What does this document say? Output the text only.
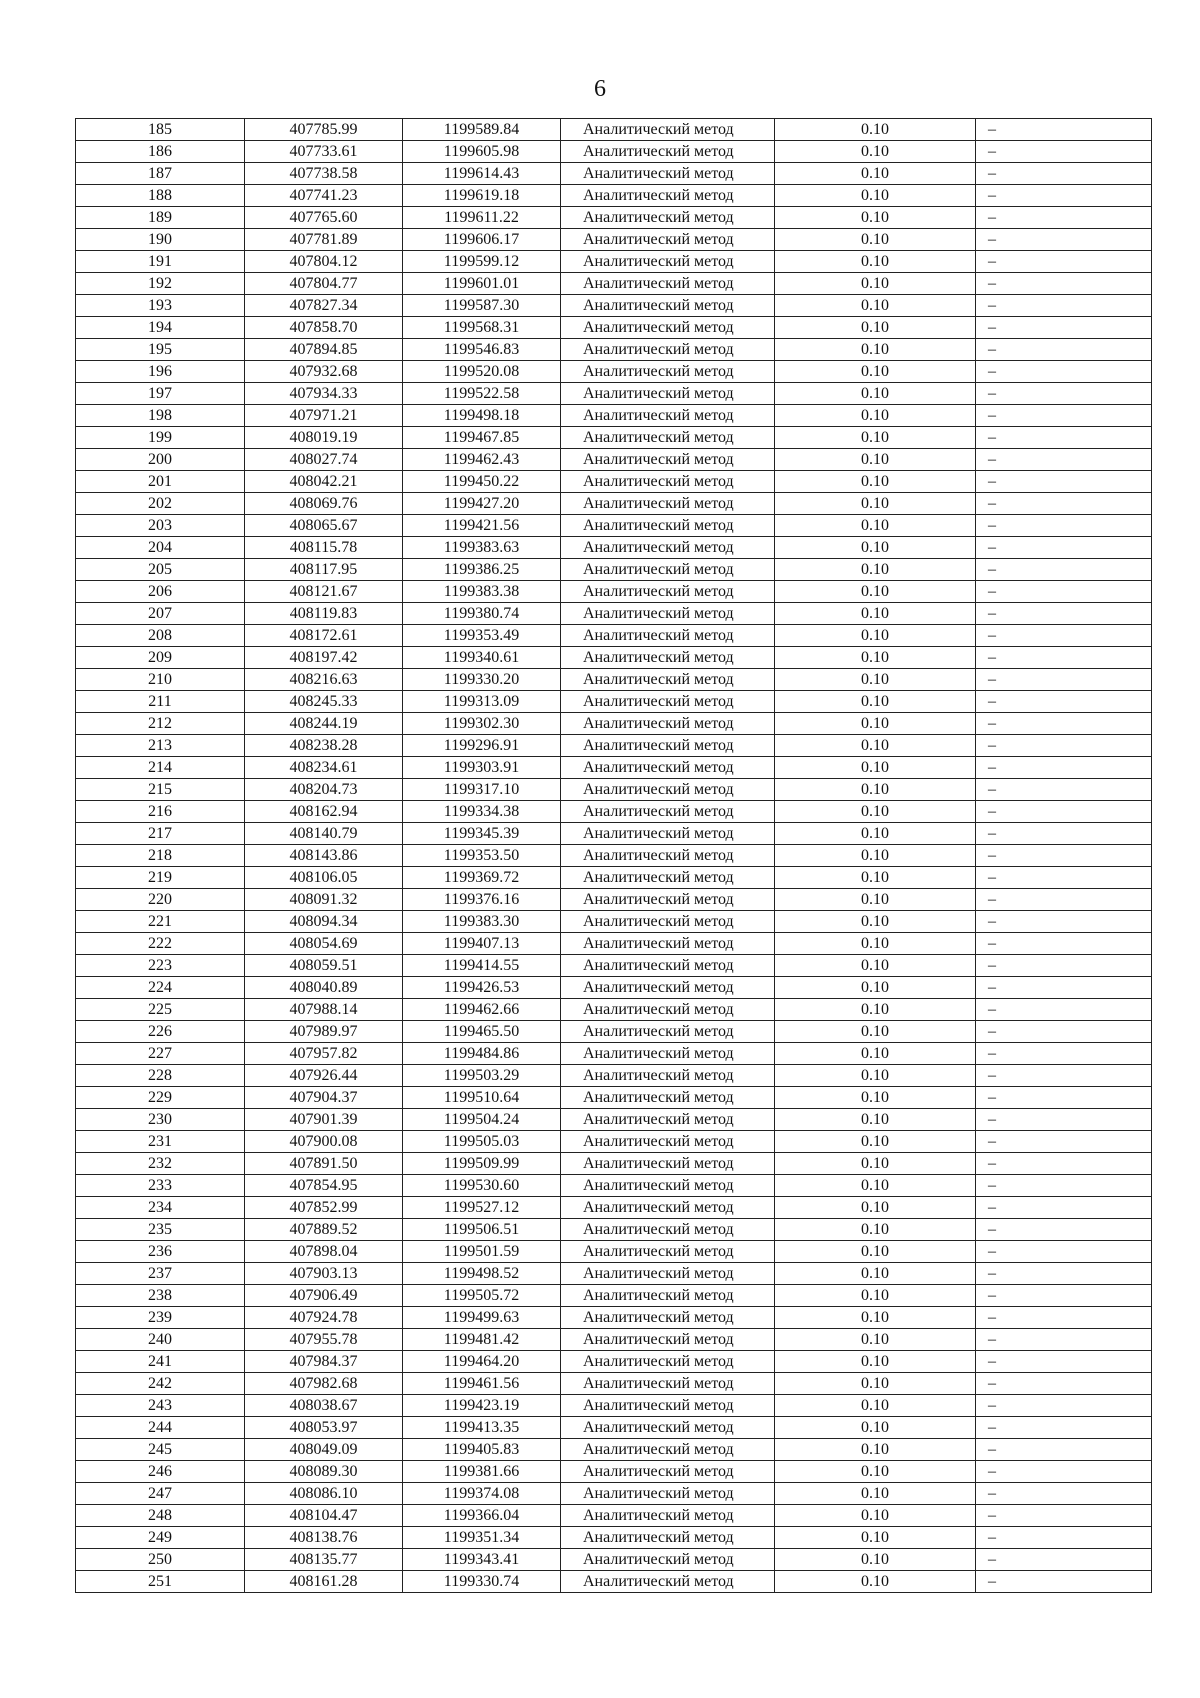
6
185	407785.99	1199589.84	Аналитический метод	0.10	–
186	407733.61	1199605.98	Аналитический метод	0.10	–
187	407738.58	1199614.43	Аналитический метод	0.10	–
188	407741.23	1199619.18	Аналитический метод	0.10	–
189	407765.60	1199611.22	Аналитический метод	0.10	–
190	407781.89	1199606.17	Аналитический метод	0.10	–
191	407804.12	1199599.12	Аналитический метод	0.10	–
192	407804.77	1199601.01	Аналитический метод	0.10	–
193	407827.34	1199587.30	Аналитический метод	0.10	–
194	407858.70	1199568.31	Аналитический метод	0.10	–
195	407894.85	1199546.83	Аналитический метод	0.10	–
196	407932.68	1199520.08	Аналитический метод	0.10	–
197	407934.33	1199522.58	Аналитический метод	0.10	–
198	407971.21	1199498.18	Аналитический метод	0.10	–
199	408019.19	1199467.85	Аналитический метод	0.10	–
200	408027.74	1199462.43	Аналитический метод	0.10	–
201	408042.21	1199450.22	Аналитический метод	0.10	–
202	408069.76	1199427.20	Аналитический метод	0.10	–
203	408065.67	1199421.56	Аналитический метод	0.10	–
204	408115.78	1199383.63	Аналитический метод	0.10	–
205	408117.95	1199386.25	Аналитический метод	0.10	–
206	408121.67	1199383.38	Аналитический метод	0.10	–
207	408119.83	1199380.74	Аналитический метод	0.10	–
208	408172.61	1199353.49	Аналитический метод	0.10	–
209	408197.42	1199340.61	Аналитический метод	0.10	–
210	408216.63	1199330.20	Аналитический метод	0.10	–
211	408245.33	1199313.09	Аналитический метод	0.10	–
212	408244.19	1199302.30	Аналитический метод	0.10	–
213	408238.28	1199296.91	Аналитический метод	0.10	–
214	408234.61	1199303.91	Аналитический метод	0.10	–
215	408204.73	1199317.10	Аналитический метод	0.10	–
216	408162.94	1199334.38	Аналитический метод	0.10	–
217	408140.79	1199345.39	Аналитический метод	0.10	–
218	408143.86	1199353.50	Аналитический метод	0.10	–
219	408106.05	1199369.72	Аналитический метод	0.10	–
220	408091.32	1199376.16	Аналитический метод	0.10	–
221	408094.34	1199383.30	Аналитический метод	0.10	–
222	408054.69	1199407.13	Аналитический метод	0.10	–
223	408059.51	1199414.55	Аналитический метод	0.10	–
224	408040.89	1199426.53	Аналитический метод	0.10	–
225	407988.14	1199462.66	Аналитический метод	0.10	–
226	407989.97	1199465.50	Аналитический метод	0.10	–
227	407957.82	1199484.86	Аналитический метод	0.10	–
228	407926.44	1199503.29	Аналитический метод	0.10	–
229	407904.37	1199510.64	Аналитический метод	0.10	–
230	407901.39	1199504.24	Аналитический метод	0.10	–
231	407900.08	1199505.03	Аналитический метод	0.10	–
232	407891.50	1199509.99	Аналитический метод	0.10	–
233	407854.95	1199530.60	Аналитический метод	0.10	–
234	407852.99	1199527.12	Аналитический метод	0.10	–
235	407889.52	1199506.51	Аналитический метод	0.10	–
236	407898.04	1199501.59	Аналитический метод	0.10	–
237	407903.13	1199498.52	Аналитический метод	0.10	–
238	407906.49	1199505.72	Аналитический метод	0.10	–
239	407924.78	1199499.63	Аналитический метод	0.10	–
240	407955.78	1199481.42	Аналитический метод	0.10	–
241	407984.37	1199464.20	Аналитический метод	0.10	–
242	407982.68	1199461.56	Аналитический метод	0.10	–
243	408038.67	1199423.19	Аналитический метод	0.10	–
244	408053.97	1199413.35	Аналитический метод	0.10	–
245	408049.09	1199405.83	Аналитический метод	0.10	–
246	408089.30	1199381.66	Аналитический метод	0.10	–
247	408086.10	1199374.08	Аналитический метод	0.10	–
248	408104.47	1199366.04	Аналитический метод	0.10	–
249	408138.76	1199351.34	Аналитический метод	0.10	–
250	408135.77	1199343.41	Аналитический метод	0.10	–
251	408161.28	1199330.74	Аналитический метод	0.10	–
